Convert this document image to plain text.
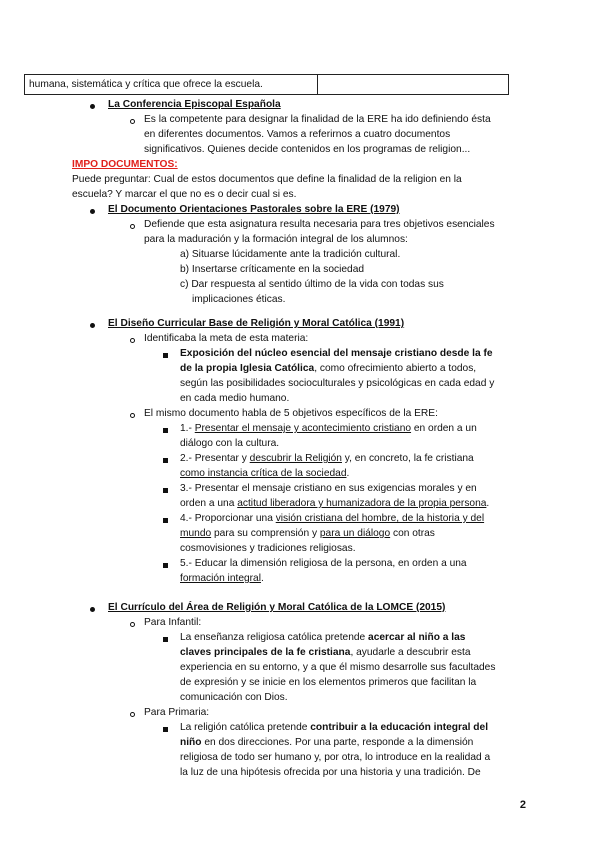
humana, sistemática y crítica que ofrece la escuela.	
La Conferencia Episcopal Española
Es la competente para designar la finalidad de la ERE ha ido definiendo ésta
en diferentes documentos. Vamos a referirnos a cuatro documentos
significativos. Quienes decide contenidos en los programas de religion...
IMPO DOCUMENTOS:
Puede preguntar: Cual de estos documentos que define la finalidad de la religion en la
escuela? Y marcar el que no es o decir cual si es.
El Documento Orientaciones Pastorales sobre la ERE (1979)
Defiende que esta asignatura resulta necesaria para tres objetivos esenciales
para la maduración y la formación integral de los alumnos:
a) Situarse lúcidamente ante la tradición cultural.
b) Insertarse críticamente en la sociedad
c) Dar respuesta al sentido último de la vida con todas sus
implicaciones éticas.
El Diseño Curricular Base de Religión y Moral Católica (1991)
Identificaba la meta de esta materia:
Exposición del núcleo esencial del mensaje cristiano desde la fe
de la propia Iglesia Católica, como ofrecimiento abierto a todos,
según las posibilidades socioculturales y psicológicas en cada edad y
en cada medio humano.
El mismo documento habla de 5 objetivos específicos de la ERE:
1.- Presentar el mensaje y acontecimiento cristiano en orden a un
diálogo con la cultura.
2.- Presentar y descubrir la Religión y, en concreto, la fe cristiana
como instancia crítica de la sociedad.
3.- Presentar el mensaje cristiano en sus exigencias morales y en
orden a una actitud liberadora y humanizadora de la propia persona.
4.- Proporcionar una visión cristiana del hombre, de la historia y del
mundo para su comprensión y para un diálogo con otras
cosmovisiones y tradiciones religiosas.
5.- Educar la dimensión religiosa de la persona, en orden a una
formación integral.
El Currículo del Área de Religión y Moral Católica de la LOMCE (2015)
Para Infantil:
La enseñanza religiosa católica pretende acercar al niño a las
claves principales de la fe cristiana, ayudarle a descubrir esta
experiencia en su entorno, y a que él mismo desarrolle sus facultades
de expresión y se inicie en los elementos primeros que facilitan la
comunicación con Dios.
Para Primaria:
La religión católica pretende contribuir a la educación integral del
niño en dos direcciones. Por una parte, responde a la dimensión
religiosa de todo ser humano y, por otra, lo introduce en la realidad a
la luz de una hipótesis ofrecida por una historia y una tradición. De
2
